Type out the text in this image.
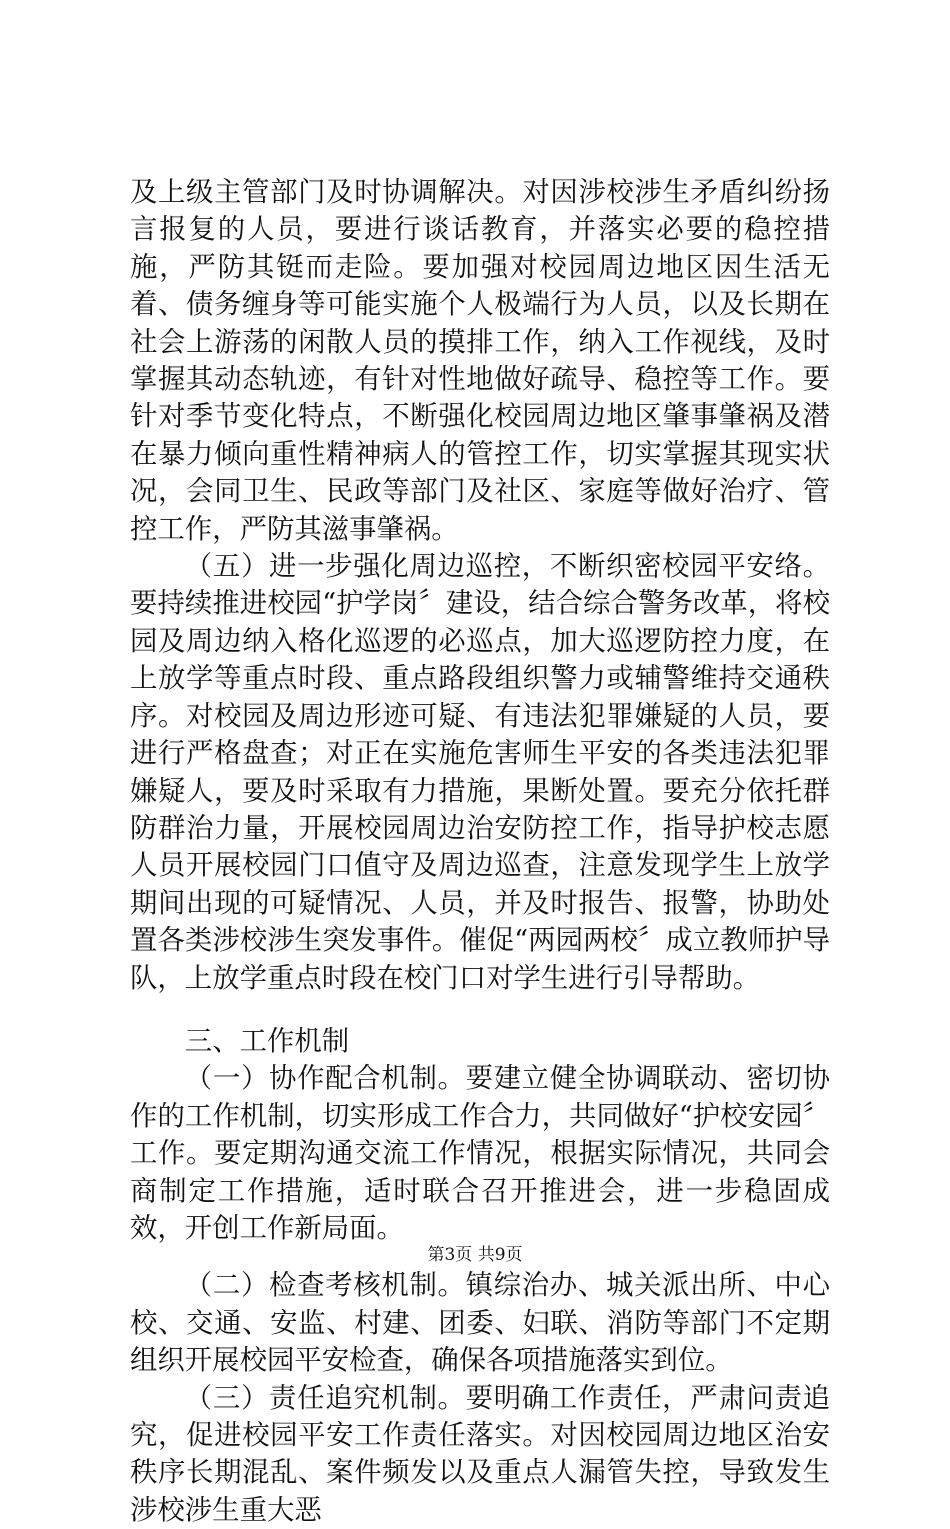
及上级主管部门及时协调解决。对因涉校涉生矛盾纠纷扬言报复的人员，要进行谈话教育，并落实必要的稳控措施，严防其铤而走险。要加强对校园周边地区因生活无着、债务缠身等可能实施个人极端行为人员，以及长期在社会上游荡的闲散人员的摸排工作，纳入工作视线，及时掌握其动态轨迹，有针对性地做好疏导、稳控等工作。要针对季节变化特点，不断强化校园周边地区肇事肇祸及潜在暴力倾向重性精神病人的管控工作，切实掌握其现实状况，会同卫生、民政等部门及社区、家庭等做好治疗、管控工作，严防其滋事肇祸。

（五）进一步强化周边巡控，不断织密校园平安络。要持续推进校园“护学岗〞建设，结合综合警务改革，将校园及周边纳入格化巡逻的必巡点，加大巡逻防控力度，在上放学等重点时段、重点路段组织警力或辅警维持交通秩序。对校园及周边形迹可疑、有违法犯罪嫌疑的人员，要进行严格盘查；对正在实施危害师生平安的各类违法犯罪嫌疑人，要及时采取有力措施，果断处置。要充分依托群防群治力量，开展校园周边治安防控工作，指导护校志愿人员开展校园门口值守及周边巡查，注意发现学生上放学期间出现的可疑情况、人员，并及时报告、报警，协助处置各类涉校涉生突发事件。催促“两园两校〞成立教师护导队，上放学重点时段在校门口对学生进行引导帮助。

三、工作机制

（一）协作配合机制。要建立健全协调联动、密切协作的工作机制，切实形成工作合力，共同做好“护校安园〞工作。要定期沟通交流工作情况，根据实际情况，共同会商制定工作措施，适时联合召开推进会，进一步稳固成效，开创工作新局面。

（二）检查考核机制。镇综治办、城关派出所、中心校、交通、安监、村建、团委、妇联、消防等部门不定期组织开展校园平安检查，确保各项措施落实到位。

（三）责任追究机制。要明确工作责任，严肃问责追究，促进校园平安工作责任落实。对因校园周边地区治安秩序长期混乱、案件频发以及重点人漏管失控，导致发生涉校涉生重大恶

第3页 共9页
